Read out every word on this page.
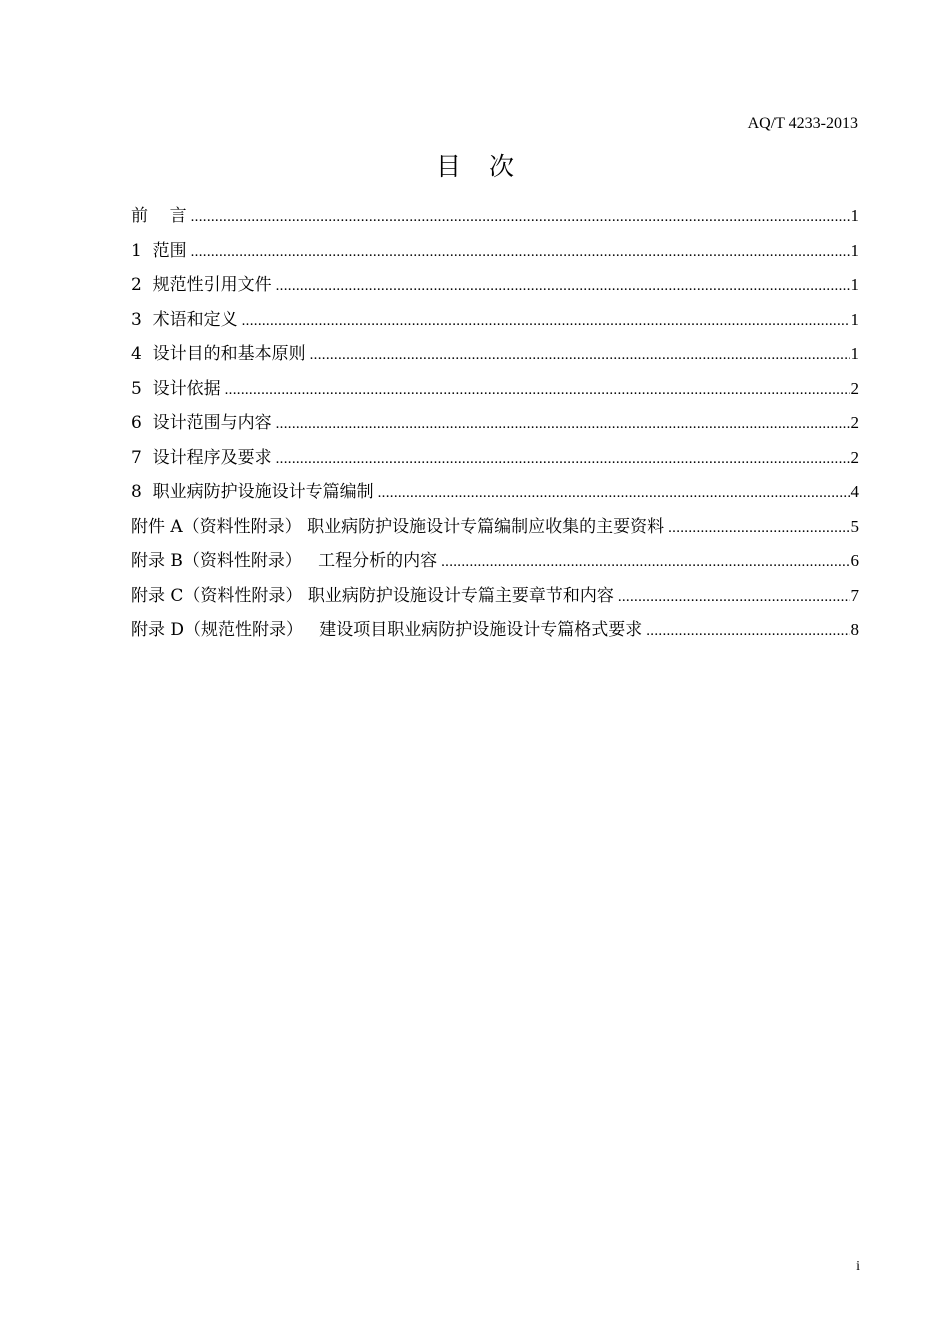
AQ/T 4233-2013
目次
前    言 .....	1
1  范围 .....	1
2  规范性引用文件 .....	1
3  术语和定义 .....	1
4  设计目的和基本原则 .....	1
5  设计依据 .....	2
6  设计范围与内容 .....	2
7  设计程序及要求 .....	2
8  职业病防护设施设计专篇编制 .....	4
附件 A（资料性附录） 职业病防护设施设计专篇编制应收集的主要资料 .....	5
附录 B（资料性附录）   工程分析的内容 .....	6
附录 C（资料性附录） 职业病防护设施设计专篇主要章节和内容 .....	7
附录 D（规范性附录）   建设项目职业病防护设施设计专篇格式要求 .....	8
i
